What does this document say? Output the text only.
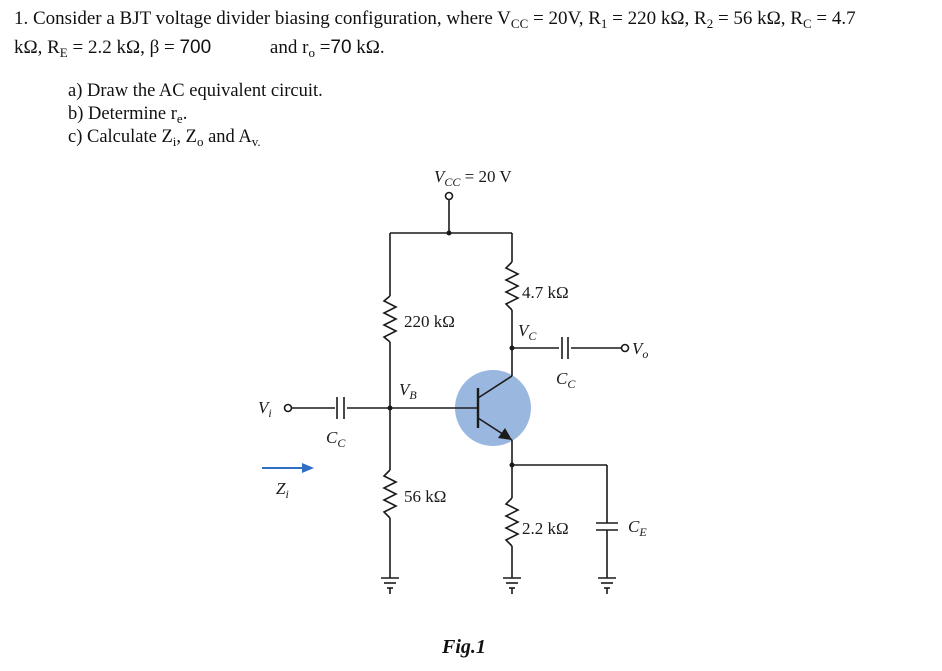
1. Consider a BJT voltage divider biasing configuration, where $V_{CC} = 20V$, $R_1 = 220$ kΩ, $R_2 = 56$ kΩ, $R_C = 4.7$
kΩ, $R_E = 2.2$ kΩ, β = 700	and $r_o =70$ kΩ.
a) Draw the AC equivalent circuit.
b) Determine $r_e$.
c) Calculate $Z_i$, $Z_o$ and $A_{v.}$
$V_{CC} = 20$ V
4.7 kΩ
220 kΩ
56 kΩ
2.2 kΩ
$V_C$
$V_B$
$V_i$
$V_o$
$C_C$
$C_C$
$C_E$
$Z_i$
Fig.1
